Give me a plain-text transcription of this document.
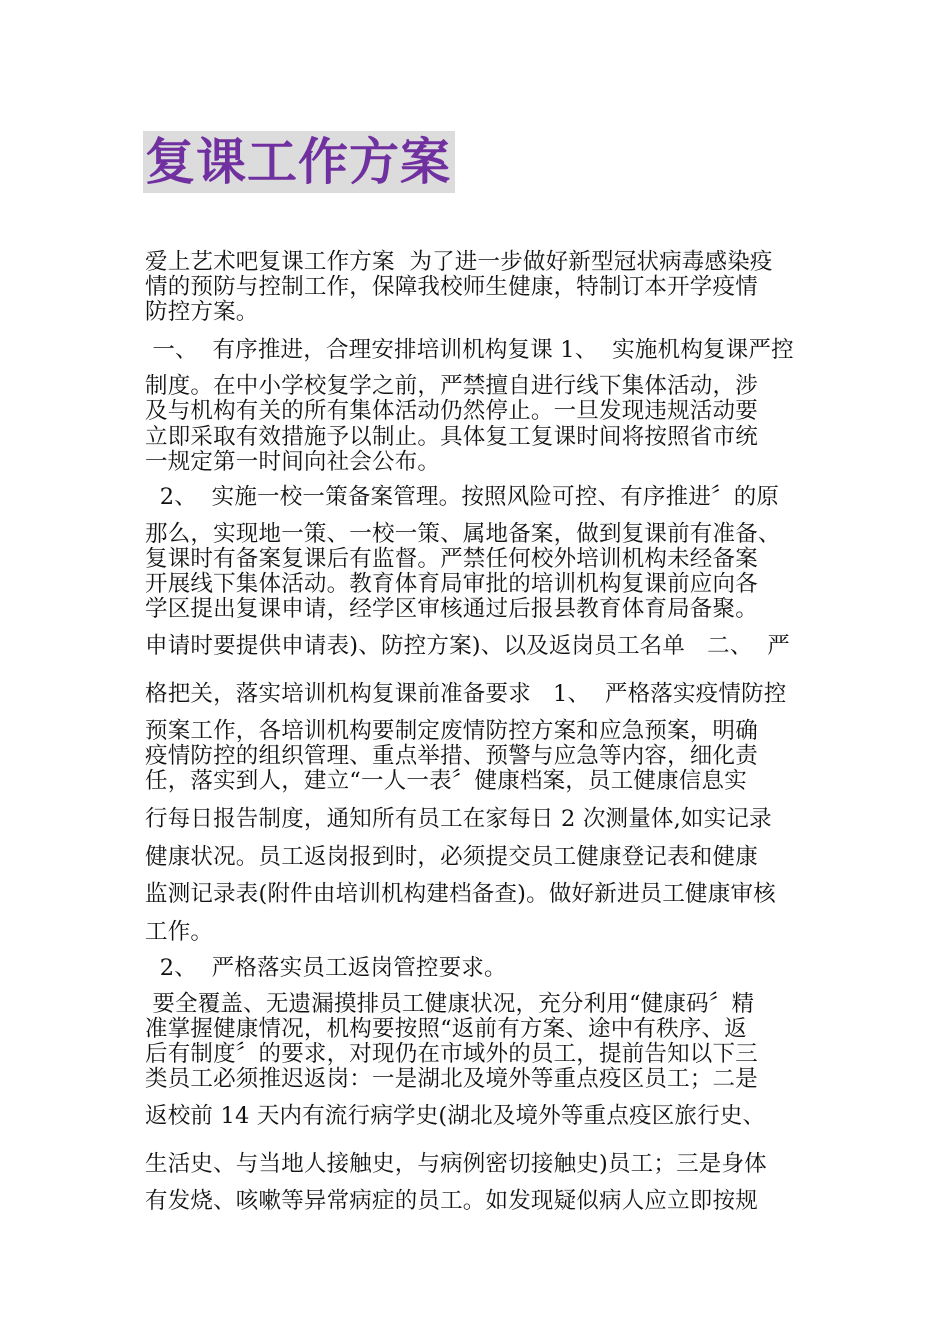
复课工作方案
爱上艺术吧复课工作方案  为了进一步做好新型冠状病毒感染疫
情的预防与控制工作，保障我校师生健康，特制订本开学疫情
防控方案。
一、  有序推进，合理安排培训机构复课 1、  实施机构复课严控
制度。在中小学校复学之前，严禁擅自进行线下集体活动，涉
及与机构有关的所有集体活动仍然停止。一旦发现违规活动要
立即采取有效措施予以制止。具体复工复课时间将按照省市统
一规定第一时间向社会公布。
2、  实施一校一策备案管理。按照风险可控、有序推进〞的原
那么，实现地一策、一校一策、属地备案，做到复课前有准备、
复课时有备案复课后有监督。严禁任何校外培训机构未经备案
开展线下集体活动。教育体育局审批的培训机构复课前应向各
学区提出复课申请，经学区审核通过后报县教育体育局备聚。
申请时要提供申请表)、防控方案)、以及返岗员工名单   二、  严
格把关，落实培训机构复课前准备要求   1、  严格落实疫情防控
预案工作，各培训机构要制定废情防控方案和应急预案，明确
疫情防控的组织管理、重点举措、预警与应急等内容，细化责
任，落实到人，建立“一人一表〞健康档案，员工健康信息实
行每日报告制度，通知所有员工在家每日 2 次测量体,如实记录
健康状况。员工返岗报到时，必须提交员工健康登记表和健康
监测记录表(附件由培训机构建档备查)。做好新进员工健康审核
工作。
2、  严格落实员工返岗管控要求。
要全覆盖、无遗漏摸排员工健康状况，充分利用“健康码〞精
准掌握健康情况，机构要按照“返前有方案、途中有秩序、返
后有制度〞的要求，对现仍在市域外的员工，提前告知以下三
类员工必须推迟返岗：一是湖北及境外等重点疫区员工；二是
返校前 14 天内有流行病学史(湖北及境外等重点疫区旅行史、
生活史、与当地人接触史，与病例密切接触史)员工；三是身体
有发烧、咳嗽等异常病症的员工。如发现疑似病人应立即按规
